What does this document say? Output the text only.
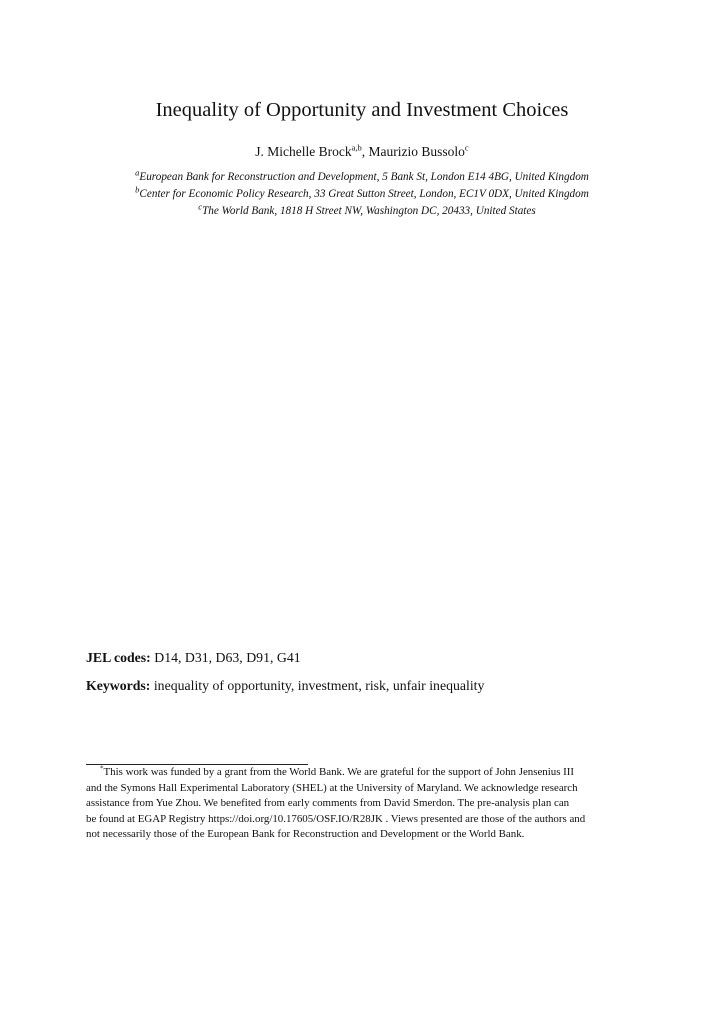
Inequality of Opportunity and Investment Choices
J. Michelle Brock$^{a,b}$, Maurizio Bussolo$^c$
$^a$European Bank for Reconstruction and Development, 5 Bank St, London E14 4BG, United Kingdom
$^b$Center for Economic Policy Research, 33 Great Sutton Street, London, EC1V 0DX, United Kingdom
$^c$The World Bank, 1818 H Street NW, Washington DC, 20433, United States
JEL codes: D14, D31, D63, D91, G41
Keywords: inequality of opportunity, investment, risk, unfair inequality
*This work was funded by a grant from the World Bank. We are grateful for the support of John Jensenius III
and the Symons Hall Experimental Laboratory (SHEL) at the University of Maryland. We acknowledge research
assistance from Yue Zhou. We benefited from early comments from David Smerdon. The pre-analysis plan can
be found at EGAP Registry https://doi.org/10.17605/OSF.IO/R28JK . Views presented are those of the authors and
not necessarily those of the European Bank for Reconstruction and Development or the World Bank.
